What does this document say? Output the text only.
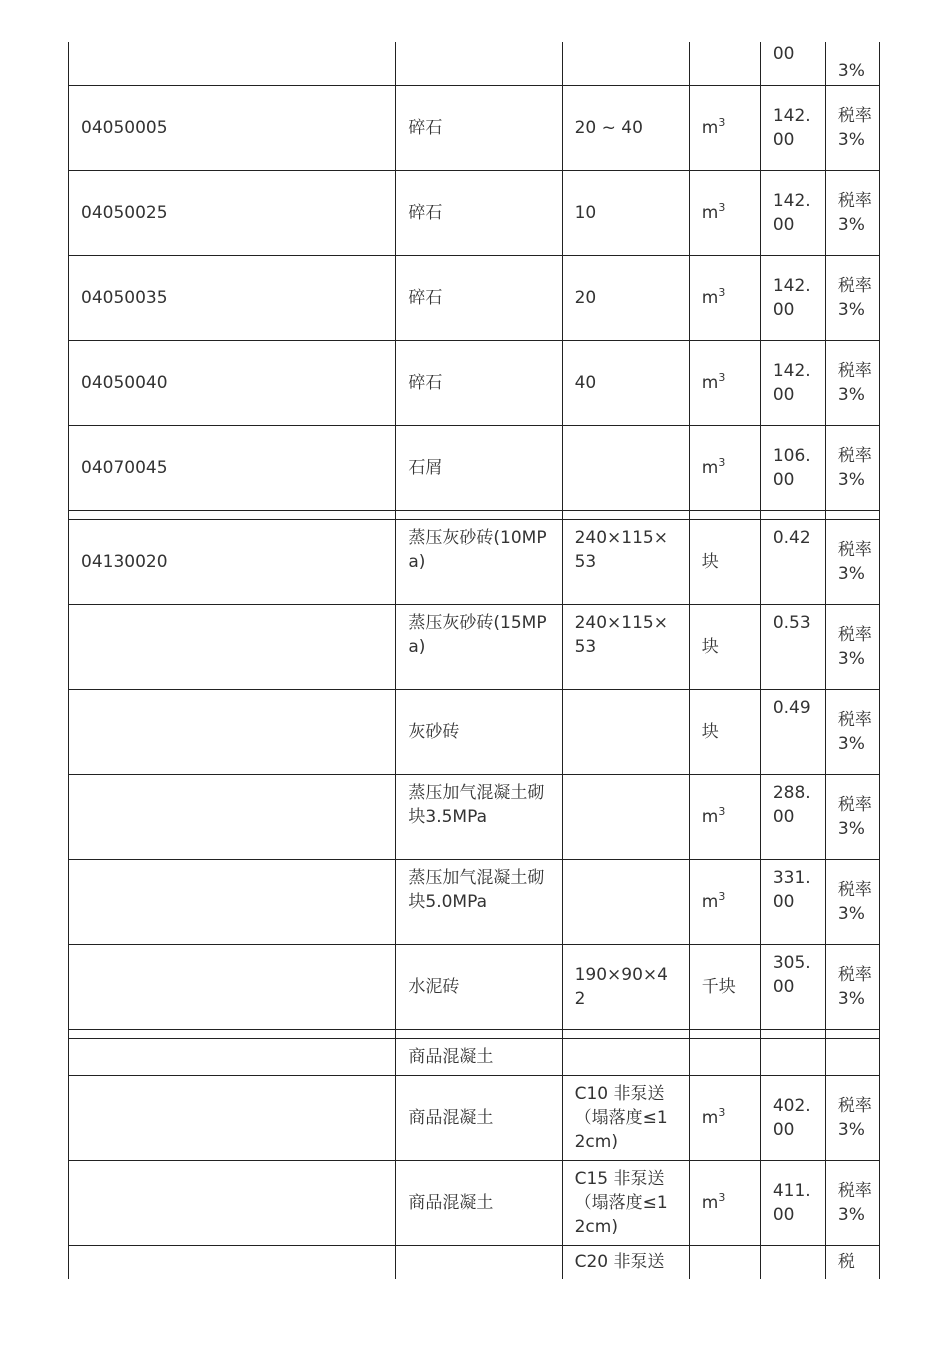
				00	3%
04050005	碎石	20 ~ 40	$m^3$	142.00	税率3%
04050025	碎石	10	$m^3$	142.00	税率3%
04050035	碎石	20	$m^3$	142.00	税率3%
04050040	碎石	40	$m^3$	142.00	税率3%
04070045	石屑		$m^3$	106.00	税率3%

04130020	蒸压灰砂砖(10MPa)	240×115×53	块	0.42	税率3%
	蒸压灰砂砖(15MPa)	240×115×53	块	0.53	税率3%
	灰砂砖		块	0.49	税率3%
	蒸压加气混凝土砌块3.5MPa		$m^3$	288.00	税率3%
	蒸压加气混凝土砌块5.0MPa		$m^3$	331.00	税率3%
	水泥砖	190×90×42	千块	305.00	税率3%

	商品混凝土				
	商品混凝土	C10 非泵送（塌落度≤12cm)	$m^3$	402.00	税率3%
	商品混凝土	C15 非泵送（塌落度≤12cm)	$m^3$	411.00	税率3%
		C20 非泵送			税
